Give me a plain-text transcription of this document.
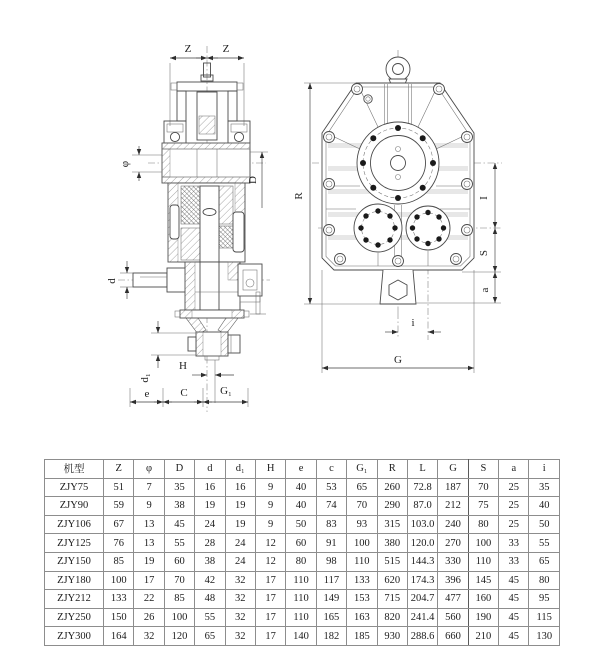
Z	Z
φ
D
d
H
d₁
e	C	G₁
R	I
S
a
i
G
机型	Z	φ	D	d	d₁	H	e	c	G₁	R	L	G	S	a	i
ZJY75	51	7	35	16	16	9	40	53	65	260	72.8	187	70	25	35
ZJY90	59	9	38	19	19	9	40	74	70	290	87.0	212	75	25	40
ZJY106	67	13	45	24	19	9	50	83	93	315	103.0	240	80	25	50
ZJY125	76	13	55	28	24	12	60	91	100	380	120.0	270	100	33	55
ZJY150	85	19	60	38	24	12	80	98	110	515	144.3	330	110	33	65
ZJY180	100	17	70	42	32	17	110	117	133	620	174.3	396	145	45	80
ZJY212	133	22	85	48	32	17	110	149	153	715	204.7	477	160	45	95
ZJY250	150	26	100	55	32	17	110	165	163	820	241.4	560	190	45	115
ZJY300	164	32	120	65	32	17	140	182	185	930	288.6	660	210	45	130
